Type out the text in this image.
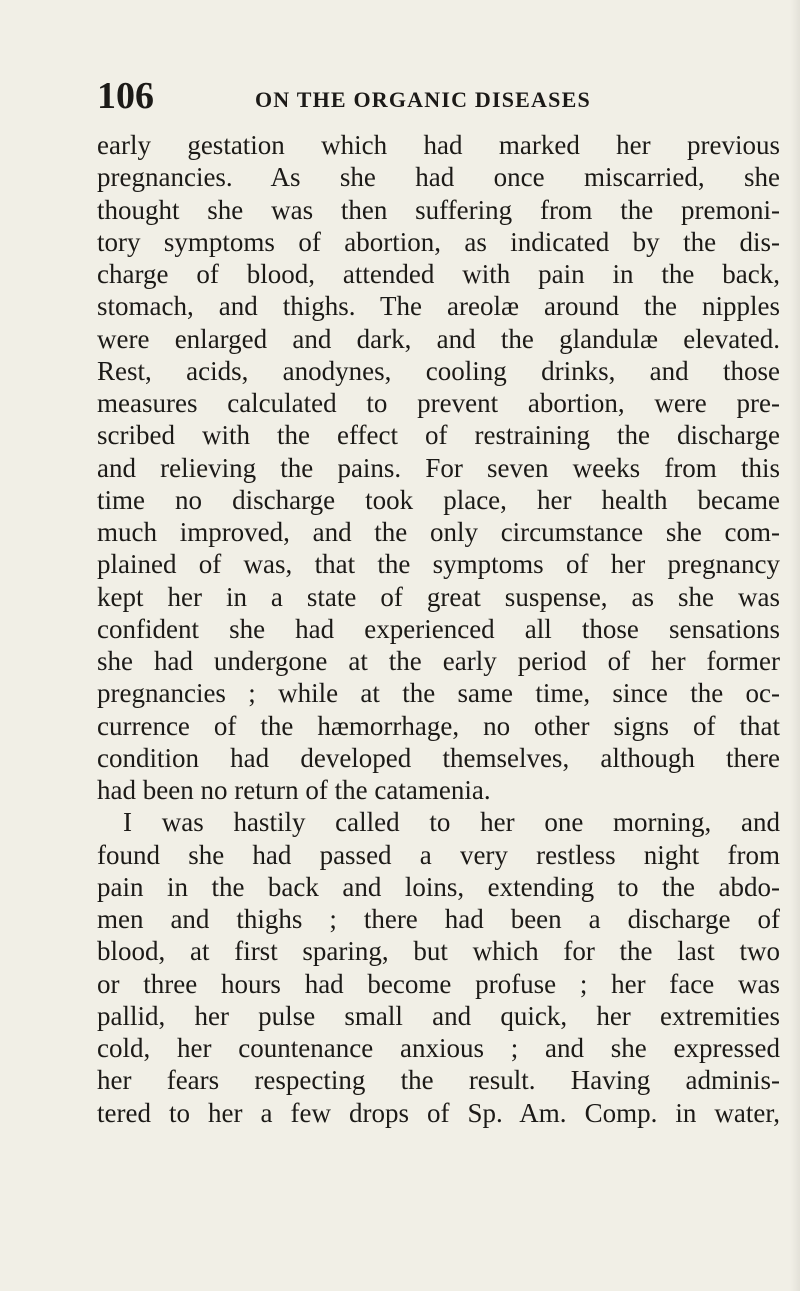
106	ON THE ORGANIC DISEASES
early gestation which had marked her previous
pregnancies. As she had once miscarried, she
thought she was then suffering from the premoni-
tory symptoms of abortion, as indicated by the dis-
charge of blood, attended with pain in the back,
stomach, and thighs. The areolæ around the nipples
were enlarged and dark, and the glandulæ elevated.
Rest, acids, anodynes, cooling drinks, and those
measures calculated to prevent abortion, were pre-
scribed with the effect of restraining the discharge
and relieving the pains. For seven weeks from this
time no discharge took place, her health became
much improved, and the only circumstance she com-
plained of was, that the symptoms of her pregnancy
kept her in a state of great suspense, as she was
confident she had experienced all those sensations
she had undergone at the early period of her former
pregnancies ; while at the same time, since the oc-
currence of the hæmorrhage, no other signs of that
condition had developed themselves, although there
had been no return of the catamenia.
I was hastily called to her one morning, and
found she had passed a very restless night from
pain in the back and loins, extending to the abdo-
men and thighs ; there had been a discharge of
blood, at first sparing, but which for the last two
or three hours had become profuse ; her face was
pallid, her pulse small and quick, her extremities
cold, her countenance anxious ; and she expressed
her fears respecting the result. Having adminis-
tered to her a few drops of Sp. Am. Comp. in water,
